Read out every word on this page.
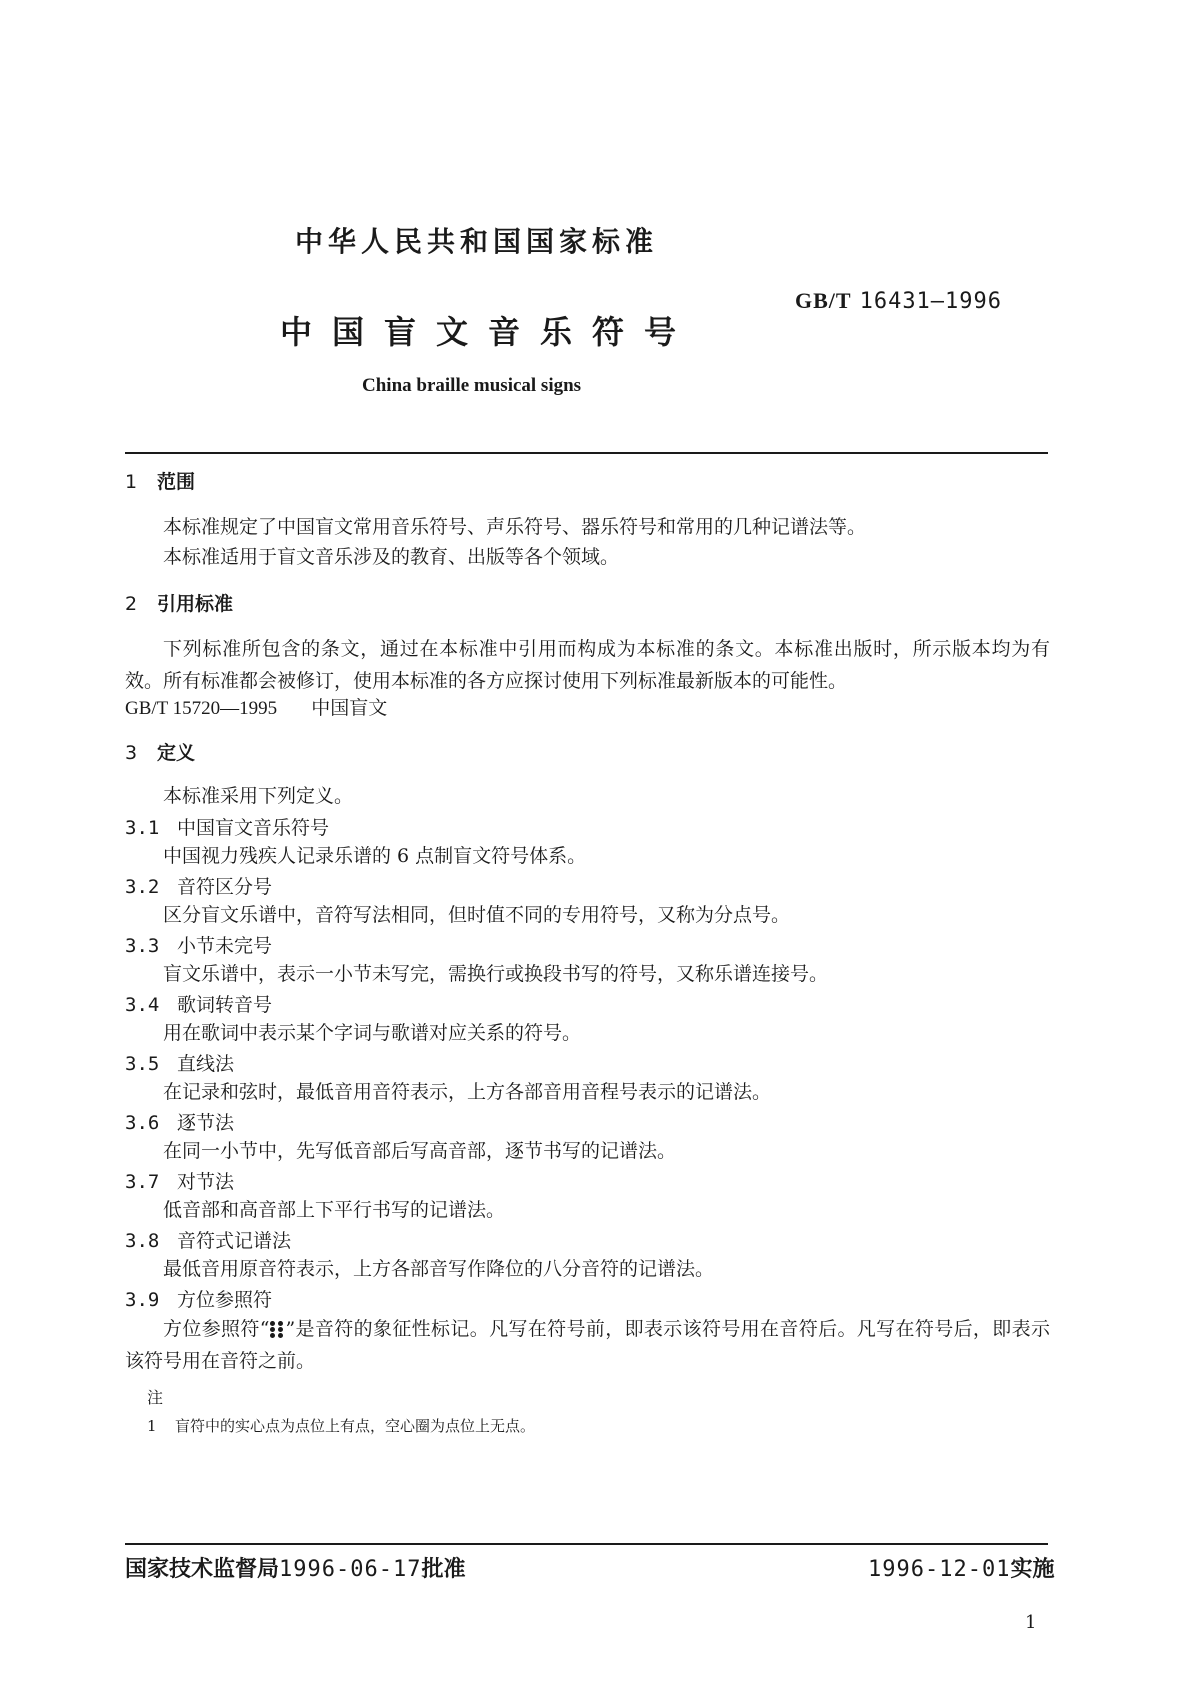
中华人民共和国国家标准
GB/T 16431—1996
中国盲文音乐符号
China braille musical signs
1 范围
本标准规定了中国盲文常用音乐符号、声乐符号、器乐符号和常用的几种记谱法等。
本标准适用于盲文音乐涉及的教育、出版等各个领域。
2 引用标准
下列标准所包含的条文，通过在本标准中引用而构成为本标准的条文。本标准出版时，所示版本均为有效。所有标准都会被修订，使用本标准的各方应探讨使用下列标准最新版本的可能性。
GB/T 15720—1995 中国盲文
3 定义
本标准采用下列定义。
3.1 中国盲文音乐符号
中国视力残疾人记录乐谱的 6 点制盲文符号体系。
3.2 音符区分号
区分盲文乐谱中，音符写法相同，但时值不同的专用符号，又称为分点号。
3.3 小节未完号
盲文乐谱中，表示一小节未写完，需换行或换段书写的符号，又称乐谱连接号。
3.4 歌词转音号
用在歌词中表示某个字词与歌谱对应关系的符号。
3.5 直线法
在记录和弦时，最低音用音符表示，上方各部音用音程号表示的记谱法。
3.6 逐节法
在同一小节中，先写低音部后写高音部，逐节书写的记谱法。
3.7 对节法
低音部和高音部上下平行书写的记谱法。
3.8 音符式记谱法
最低音用原音符表示，上方各部音写作降位的八分音符的记谱法。
3.9 方位参照符
方位参照符“ ”是音符的象征性标记。凡写在符号前，即表示该符号用在音符后。凡写在符号后，即表示该符号用在音符之前。
注
1 盲符中的实心点为点位上有点，空心圈为点位上无点。
国家技术监督局1996-06-17批准	1996-12-01实施
1
